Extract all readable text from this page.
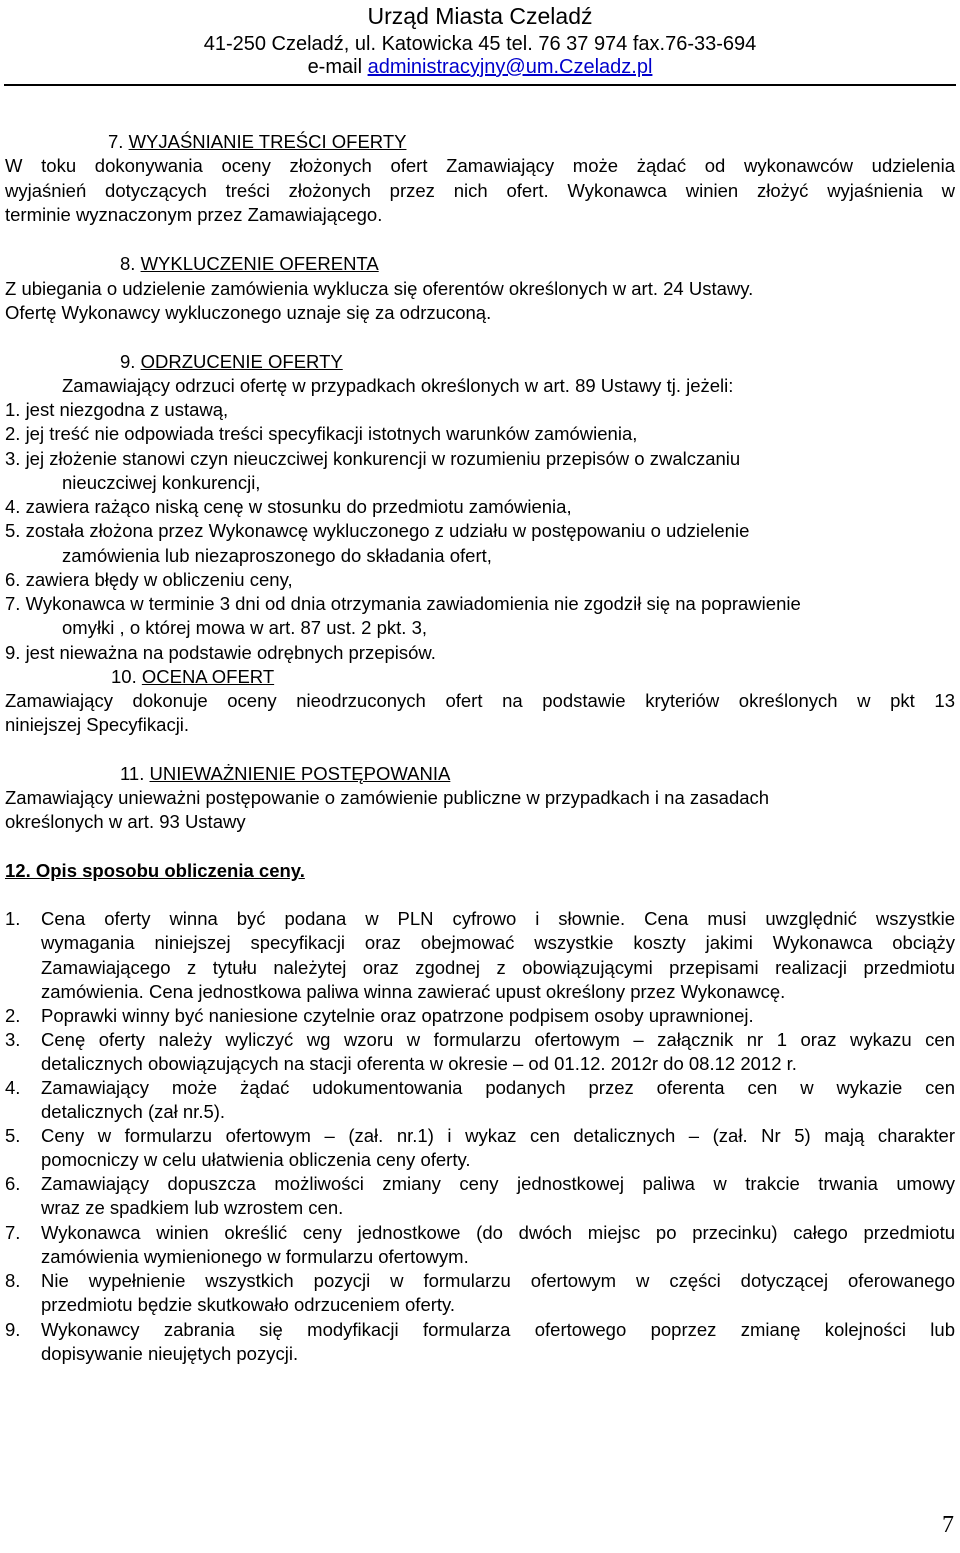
Urząd Miasta Czeladź
41-250 Czeladź, ul. Katowicka 45 tel. 76 37 974 fax.76-33-694
e-mail administracyjny@um.Czeladz.pl
7. WYJAŚNIANIE TREŚCI OFERTY
W toku dokonywania oceny złożonych ofert Zamawiający może żądać od wykonawców udzielenia
wyjaśnień dotyczących treści złożonych przez nich ofert. Wykonawca winien złożyć wyjaśnienia w
terminie wyznaczonym przez Zamawiającego.
8. WYKLUCZENIE OFERENTA
Z ubiegania o udzielenie zamówienia wyklucza się oferentów określonych w art. 24 Ustawy.
Ofertę Wykonawcy wykluczonego uznaje się za odrzuconą.
9. ODRZUCENIE OFERTY
Zamawiający odrzuci ofertę w przypadkach określonych w art. 89 Ustawy tj. jeżeli:
1. jest niezgodna z ustawą,
2. jej treść nie odpowiada treści specyfikacji istotnych warunków zamówienia,
3. jej złożenie stanowi czyn nieuczciwej konkurencji w rozumieniu przepisów o zwalczaniu
nieuczciwej konkurencji,
4. zawiera rażąco niską cenę w stosunku do przedmiotu zamówienia,
5. została złożona przez Wykonawcę wykluczonego z udziału w postępowaniu o udzielenie
zamówienia lub niezaproszonego do składania ofert,
6. zawiera błędy w obliczeniu ceny,
7. Wykonawca w terminie 3 dni od dnia otrzymania zawiadomienia nie zgodził się na poprawienie
omyłki , o której mowa w art. 87 ust. 2 pkt. 3,
9. jest nieważna na podstawie odrębnych przepisów.
10. OCENA OFERT
Zamawiający dokonuje oceny nieodrzuconych ofert na podstawie kryteriów określonych w pkt 13
niniejszej Specyfikacji.
11. UNIEWAŻNIENIE POSTĘPOWANIA
Zamawiający unieważni postępowanie o zamówienie publiczne w przypadkach i na zasadach
określonych w art. 93 Ustawy
12. Opis sposobu obliczenia ceny.
1. Cena oferty winna być podana w PLN cyfrowo i słownie. Cena musi uwzględnić wszystkie
wymagania niniejszej specyfikacji oraz obejmować wszystkie koszty jakimi Wykonawca obciąży
Zamawiającego z tytułu należytej oraz zgodnej z obowiązującymi przepisami realizacji przedmiotu
zamówienia. Cena jednostkowa paliwa winna zawierać upust określony przez Wykonawcę.
2. Poprawki winny być naniesione czytelnie oraz opatrzone podpisem osoby uprawnionej.
3. Cenę oferty należy wyliczyć wg wzoru w formularzu ofertowym – załącznik nr 1 oraz wykazu cen
detalicznych obowiązujących na stacji oferenta w okresie – od 01.12. 2012r do 08.12 2012 r.
4. Zamawiający może żądać udokumentowania podanych przez oferenta cen w wykazie cen
detalicznych (zał nr.5).
5. Ceny w formularzu ofertowym – (zał. nr.1) i wykaz cen detalicznych – (zał. Nr 5) mają charakter
pomocniczy w celu ułatwienia obliczenia ceny oferty.
6. Zamawiający dopuszcza możliwości zmiany ceny jednostkowej paliwa w trakcie trwania umowy
wraz ze spadkiem lub wzrostem cen.
7. Wykonawca winien określić ceny jednostkowe (do dwóch miejsc po przecinku) całego przedmiotu
zamówienia wymienionego w formularzu ofertowym.
8. Nie wypełnienie wszystkich pozycji w formularzu ofertowym w części dotyczącej oferowanego
przedmiotu będzie skutkowało odrzuceniem oferty.
9. Wykonawcy zabrania się modyfikacji formularza ofertowego poprzez zmianę kolejności lub
dopisywanie nieujętych pozycji.
7
